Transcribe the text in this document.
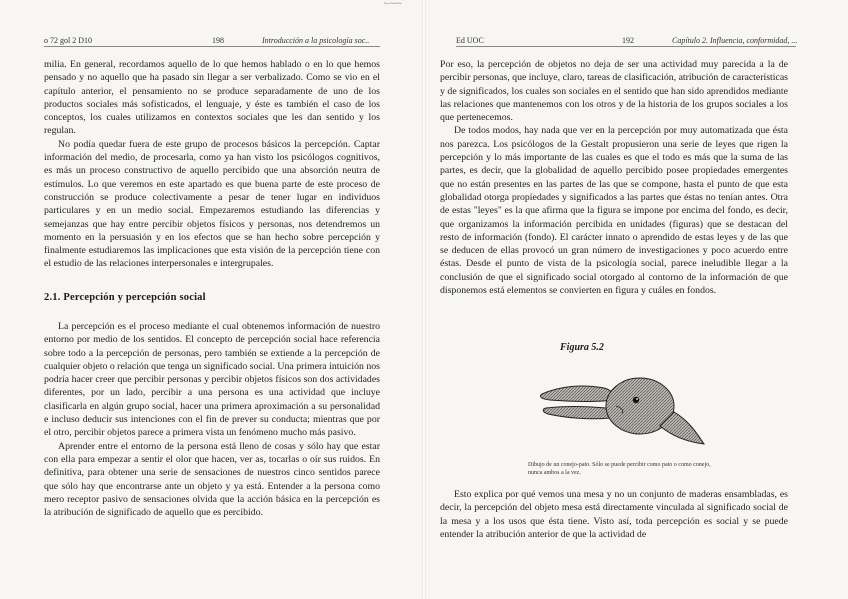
~·~~~
o 72 gol 2 D10	198	Introducción a la psicología soc..

milia. En general, recordamos aquello de lo que hemos hablado o en lo que hemos pensado y no aquello que ha pasado sin llegar a ser verbalizado. Como se vio en el capítulo anterior, el pensamiento no se produce separadamente de uno de los productos sociales más sofisticados, el lenguaje, y éste es también el caso de los conceptos, los cuales utilizamos en contextos sociales que les dan sentido y los regulan.

No podía quedar fuera de este grupo de procesos básicos la percepción. Captar información del medio, de procesarla, como ya han visto los psicólogos cognitivos, es más un proceso constructivo de aquello percibido que una absorción neutra de estímulos. Lo que veremos en este apartado es que buena parte de este proceso de construcción se produce colectivamente a pesar de tener lugar en individuos particulares y en un medio social. Empezaremos estudiando las diferencias y semejanzas que hay entre percibir objetos físicos y personas, nos detendremos un momento en la persuasión y en los efectos que se han hecho sobre percepción y finalmente estudiaremos las implicaciones que esta visión de la percepción tiene con el estudio de las relaciones interpersonales e intergrupales.

2.1. Percepción y percepción social

La percepción es el proceso mediante el cual obtenemos información de nuestro entorno por medio de los sentidos. El concepto de percepción social hace referencia sobre todo a la percepción de personas, pero también se extiende a la percepción de cualquier objeto o relación que tenga un significado social. Una primera intuición nos podría hacer creer que percibir personas y percibir objetos físicos son dos actividades diferentes, por un lado, percibir a una persona es una actividad que incluye clasificarla en algún grupo social, hacer una primera aproximación a su personalidad e incluso deducir sus intenciones con el fin de prever su conducta; mientras que por el otro, percibir objetos parece a primera vista un fenómeno mucho más pasivo.

Aprender entre el entorno de la persona está lleno de cosas y sólo hay que estar con ella para empezar a sentir el olor que hacen, ver as, tocarlas o oír sus ruidos. En definitiva, para obtener una serie de sensaciones de nuestros cinco sentidos parece que sólo hay que encontrarse ante un objeto y ya está. Entender a la persona como mero receptor pasivo de sensaciones olvida que la acción básica en la percepción es la atribución de significado de aquello que es percibido.

Ed UOC	192	Capítulo 2. Influencia, conformidad, ...

Por eso, la percepción de objetos no deja de ser una actividad muy parecida a la de percibir personas, que incluye, claro, tareas de clasificación, atribución de características y de significados, los cuales son sociales en el sentido que han sido aprendidos mediante las relaciones que mantenemos con los otros y de la historia de los grupos sociales a los que pertenecemos.

De todos modos, hay nada que ver en la percepción por muy automatizada que ésta nos parezca. Los psicólogos de la Gestalt propusieron una serie de leyes que rigen la percepción y lo más importante de las cuales es que el todo es más que la suma de las partes, es decir, que la globalidad de aquello percibido posee propiedades emergentes que no están presentes en las partes de las que se compone, hasta el punto de que esta globalidad otorga propiedades y significados a las partes que éstas no tenían antes. Otra de estas "leyes" es la que afirma que la figura se impone por encima del fondo, es decir, que organizamos la información percibida en unidades (figuras) que se destacan del resto de información (fondo). El carácter innato o aprendido de estas leyes y de las que se deducen de ellas provocó un gran número de investigaciones y poco acuerdo entre éstas. Desde el punto de vista de la psicología social, parece ineludible llegar a la conclusión de que el significado social otorgado al contorno de la información de que disponemos está elementos se convierten en figura y cuáles en fondos.

Figura 5.2
Dibujo de un conejo-pato. Sólo se puede percibir como pato o como conejo, nunca ambos a la vez.

Esto explica por qué vemos una mesa y no un conjunto de maderas ensambladas, es decir, la percepción del objeto mesa está directamente vinculada al significado social de la mesa y a los usos que ésta tiene. Visto así, toda percepción es social y se puede entender la atribución anterior de que la actividad de
